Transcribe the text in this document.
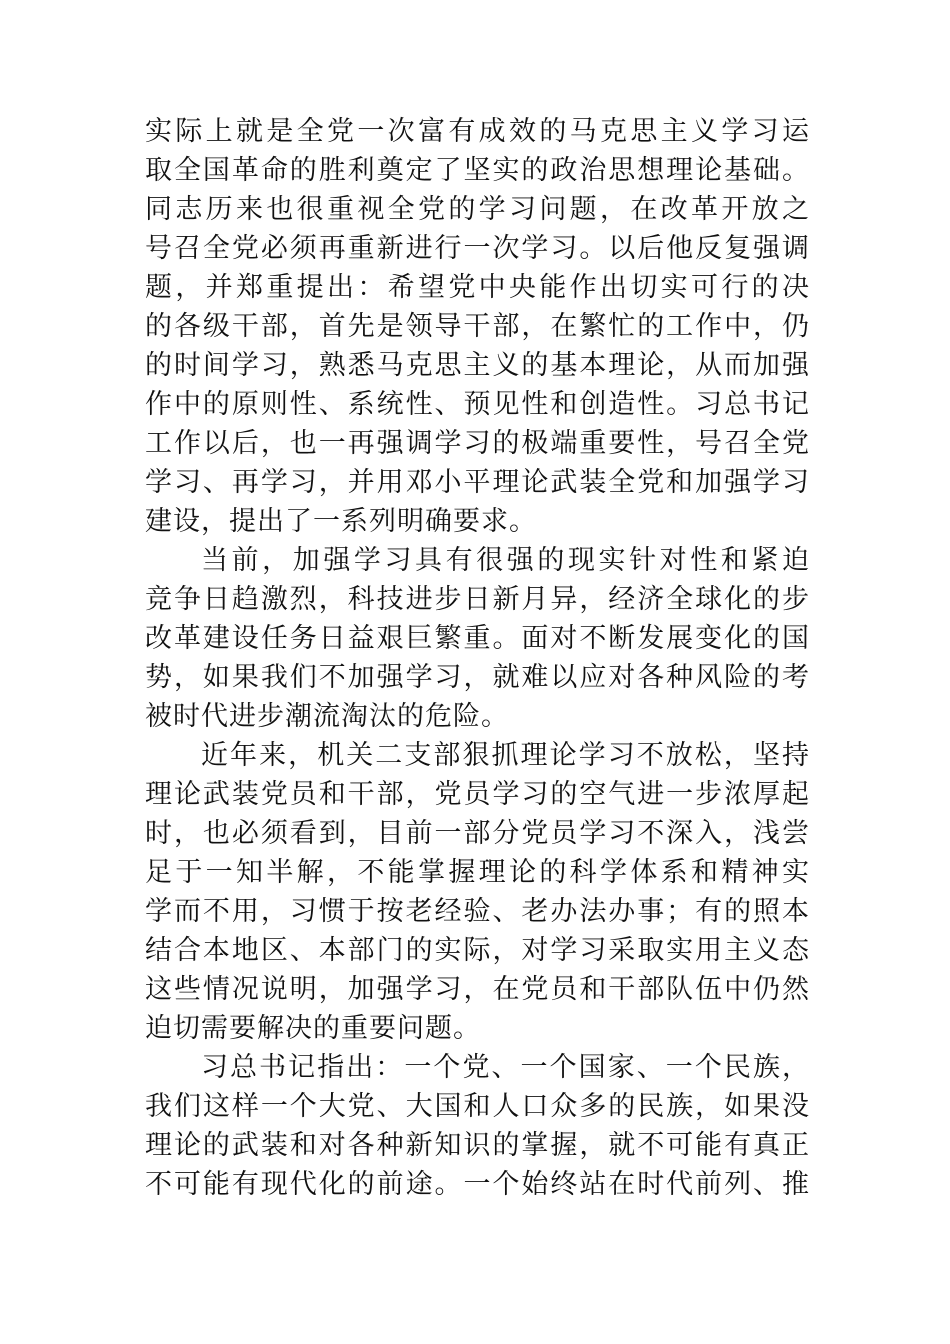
实际上就是全党一次富有成效的马克思主义学习运
取全国革命的胜利奠定了坚实的政治思想理论基础。
同志历来也很重视全党的学习问题，在改革开放之
号召全党必须再重新进行一次学习。以后他反复强调
题，并郑重提出：希望党中央能作出切实可行的决
的各级干部，首先是领导干部，在繁忙的工作中，仍
的时间学习，熟悉马克思主义的基本理论，从而加强
作中的原则性、系统性、预见性和创造性。习总书记
工作以后，也一再强调学习的极端重要性，号召全党
学习、再学习，并用邓小平理论武装全党和加强学习
建设，提出了一系列明确要求。
当前，加强学习具有很强的现实针对性和紧迫
竞争日趋激烈，科技进步日新月异，经济全球化的步
改革建设任务日益艰巨繁重。面对不断发展变化的国
势，如果我们不加强学习，就难以应对各种风险的考
被时代进步潮流淘汰的危险。
近年来，机关二支部狠抓理论学习不放松，坚持
理论武装党员和干部，党员学习的空气进一步浓厚起
时，也必须看到，目前一部分党员学习不深入，浅尝
足于一知半解，不能掌握理论的科学体系和精神实
学而不用，习惯于按老经验、老办法办事；有的照本
结合本地区、本部门的实际，对学习采取实用主义态
这些情况说明，加强学习，在党员和干部队伍中仍然
迫切需要解决的重要问题。
习总书记指出：一个党、一个国家、一个民族，
我们这样一个大党、大国和人口众多的民族，如果没
理论的武装和对各种新知识的掌握，就不可能有真正
不可能有现代化的前途。一个始终站在时代前列、推
